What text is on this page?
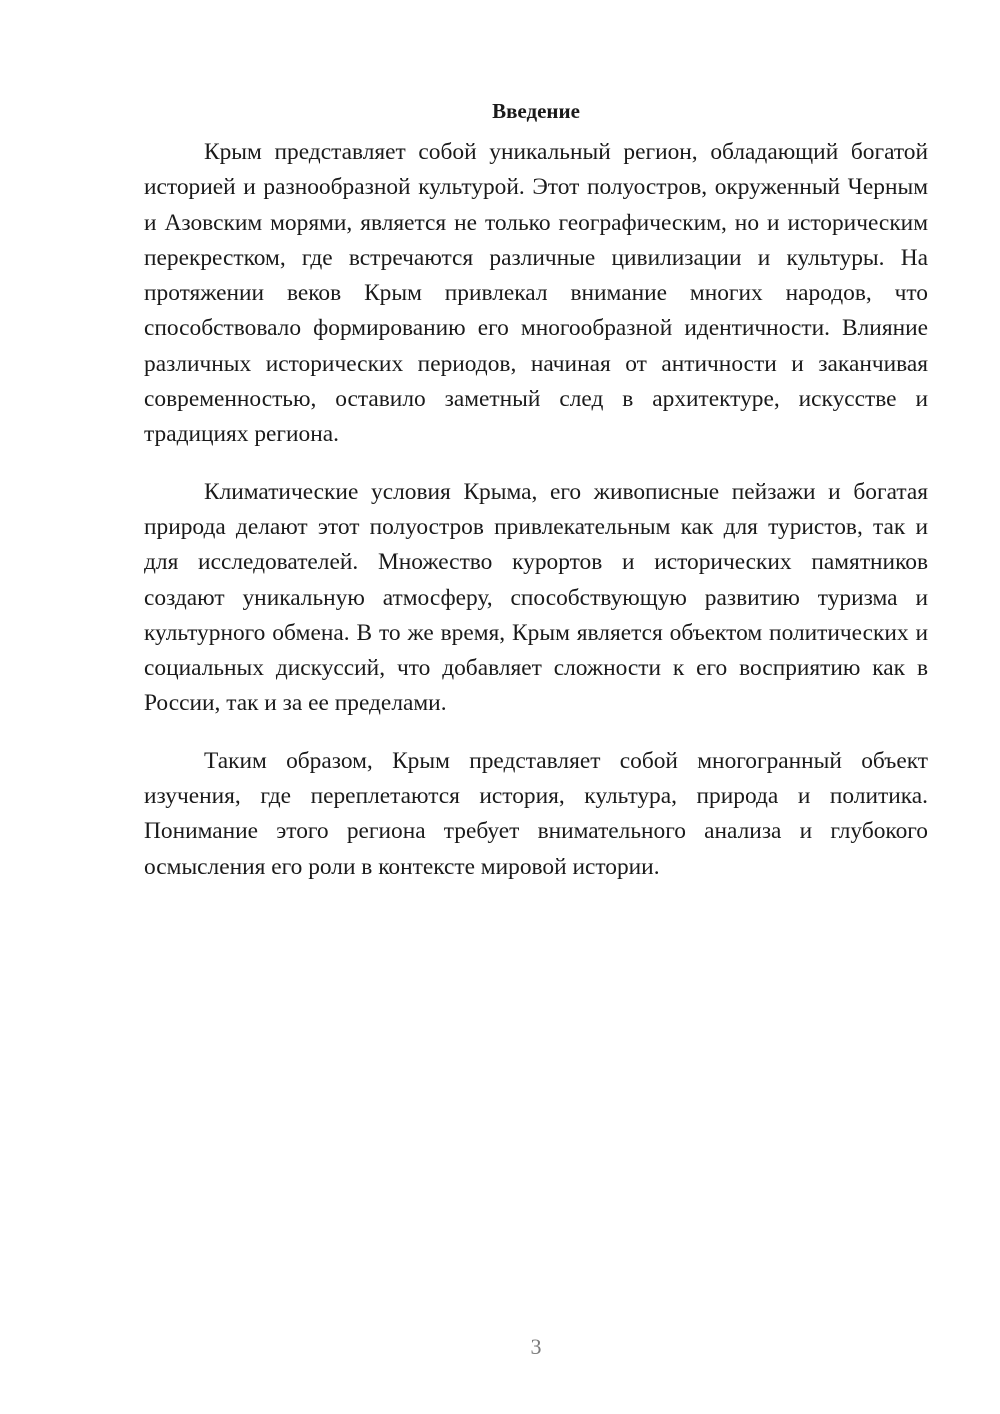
Введение

Крым представляет собой уникальный регион, обладающий богатой историей и разнообразной культурой. Этот полуостров, окруженный Черным и Азовским морями, является не только географическим, но и историческим перекрестком, где встречаются различные цивилизации и культуры. На протяжении веков Крым привлекал внимание многих народов, что способствовало формированию его многообразной идентичности. Влияние различных исторических периодов, начиная от античности и заканчивая современностью, оставило заметный след в архитектуре, искусстве и традициях региона.

Климатические условия Крыма, его живописные пейзажи и богатая природа делают этот полуостров привлекательным как для туристов, так и для исследователей. Множество курортов и исторических памятников создают уникальную атмосферу, способствующую развитию туризма и культурного обмена. В то же время, Крым является объектом политических и социальных дискуссий, что добавляет сложности к его восприятию как в России, так и за ее пределами.

Таким образом, Крым представляет собой многогранный объект изучения, где переплетаются история, культура, природа и политика. Понимание этого региона требует внимательного анализа и глубокого осмысления его роли в контексте мировой истории.

3
